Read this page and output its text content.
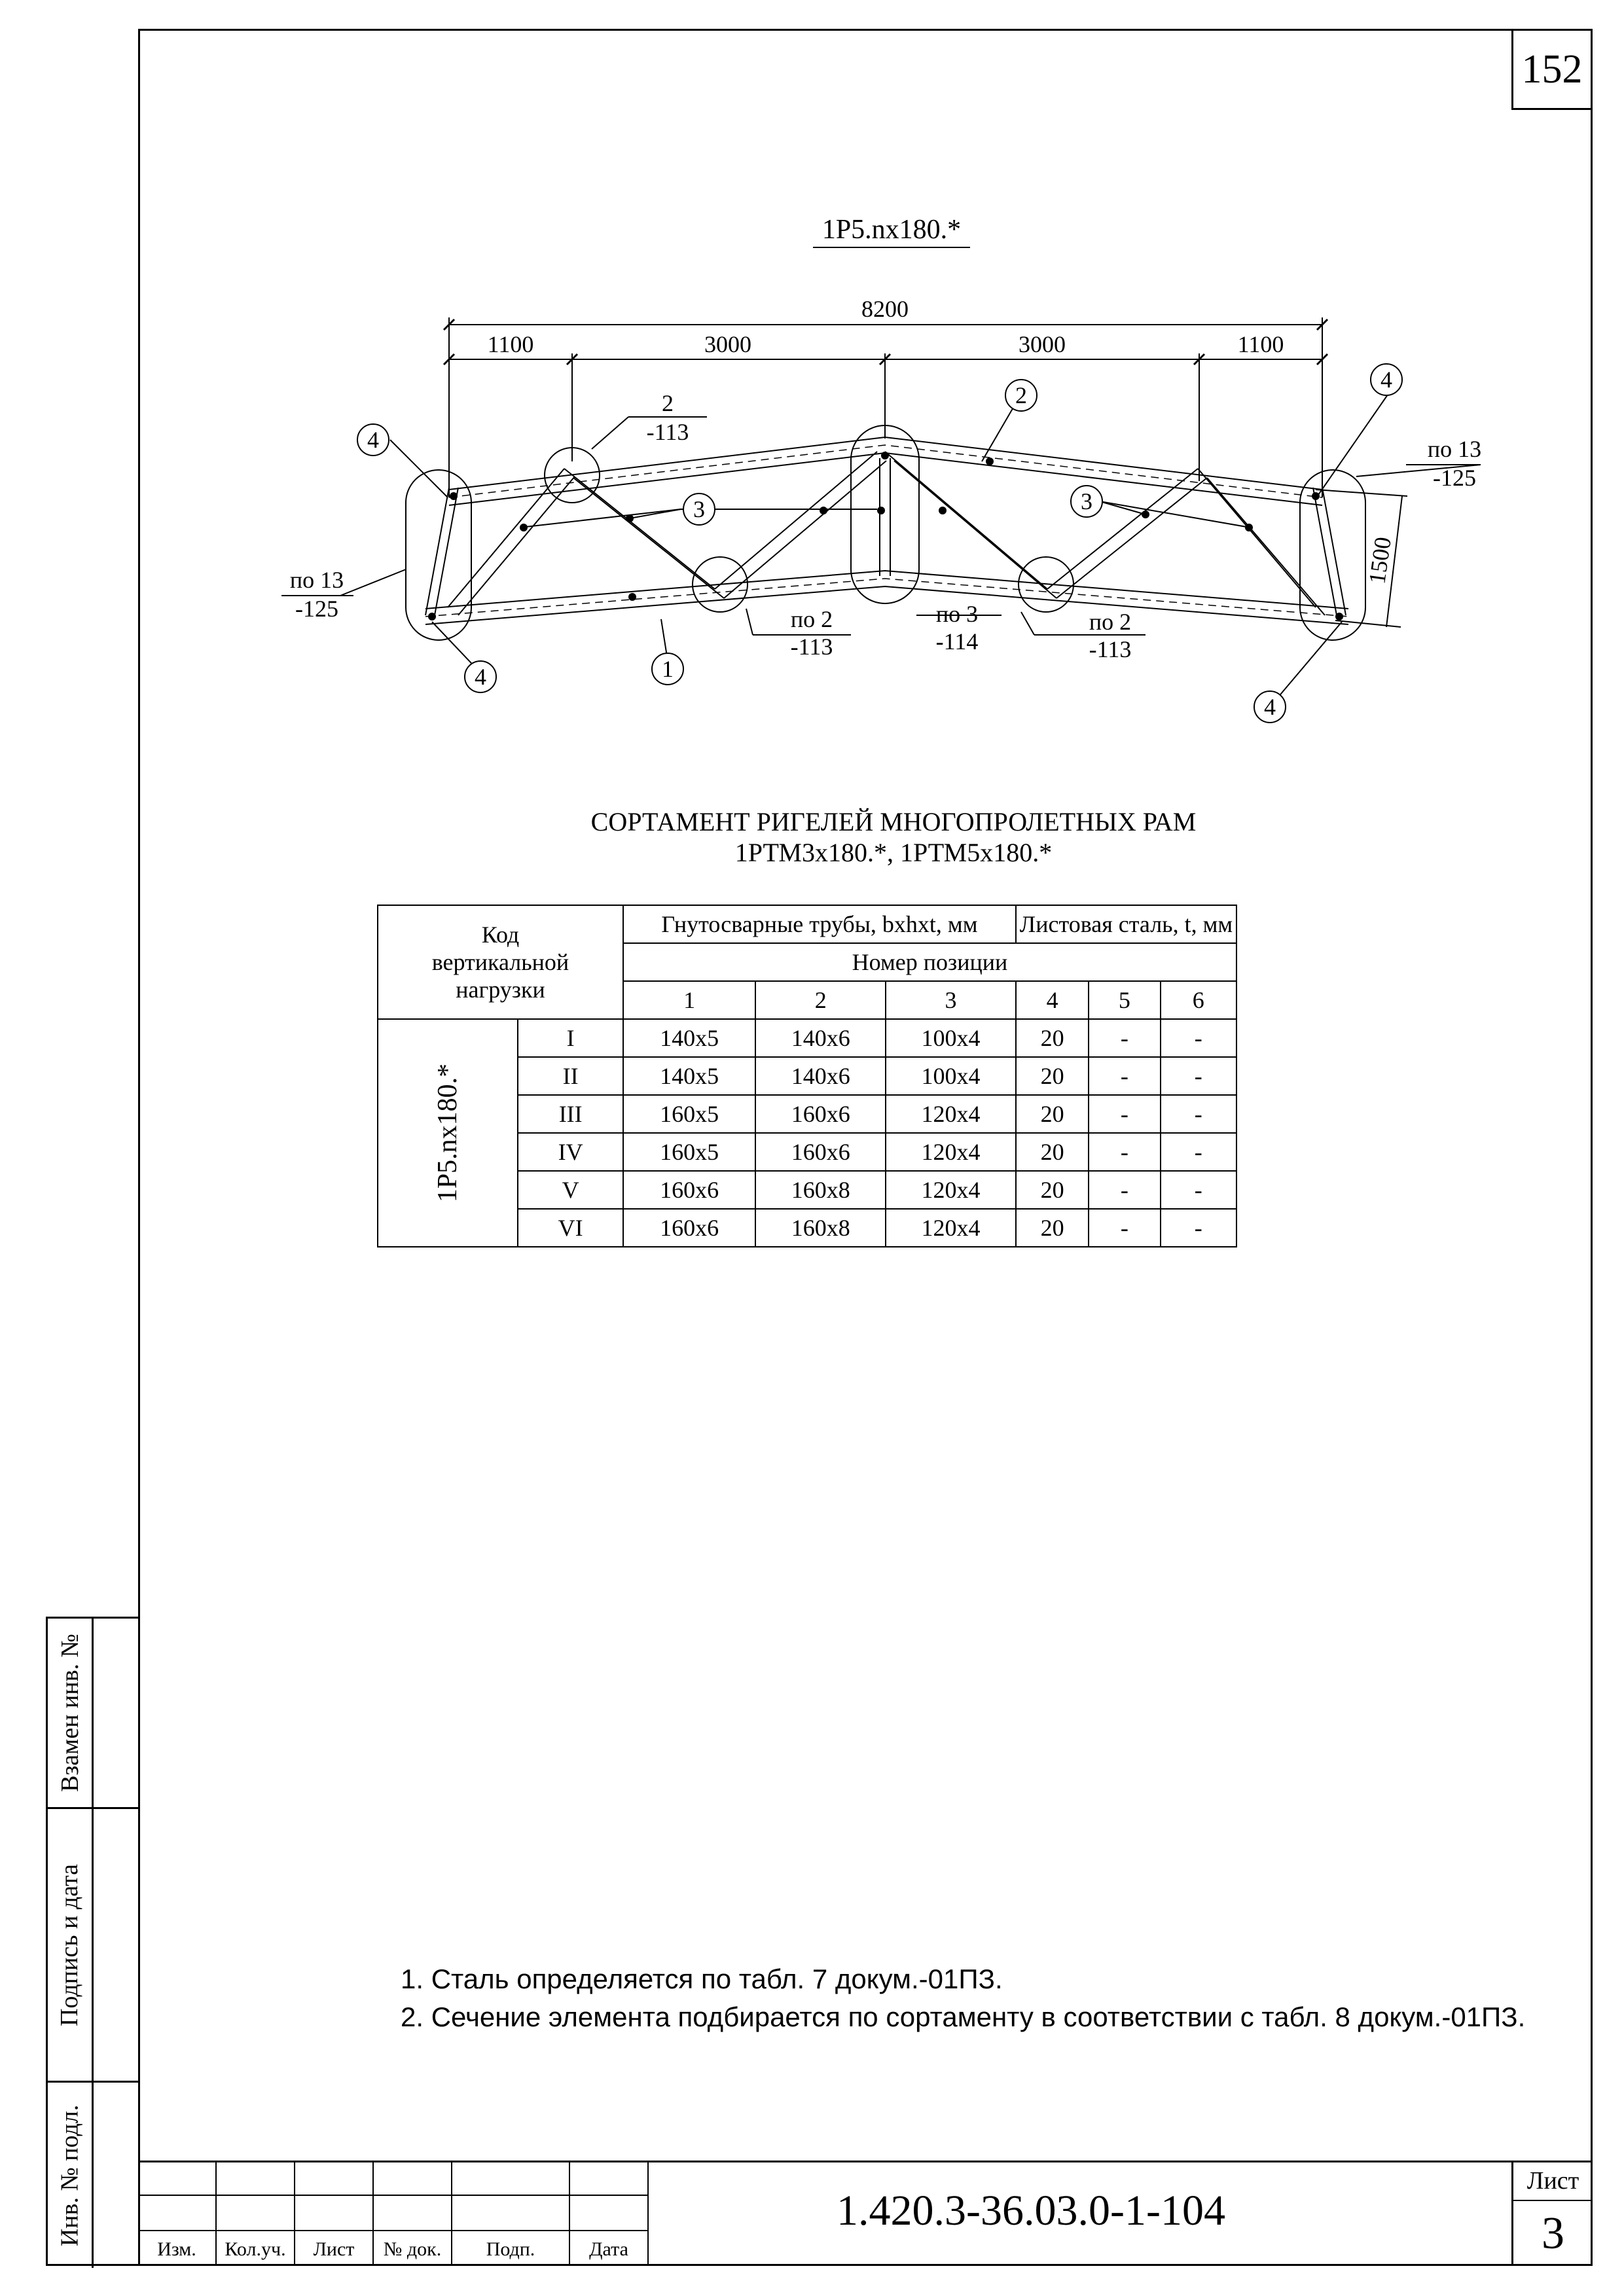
152
1Р5.nх180.*
8200
1100	3000	3000	1100
1500
4
4
4
4
2
3	3
1
2
-113
по 13
-125
по 13
-125	по 2
-113
по 3
-114
по 2
-113
СОРТАМЕНТ РИГЕЛЕЙ МНОГОПРОЛЕТНЫХ РАМ
1РТМ3х180.*, 1РТМ5х180.*
Код вертикальной нагрузки		Гнутосварные трубы, bxhxt, мм			Листовая сталь, t, мм		
		Номер позиции					
		1	2	3	4	5	6

1Р5.nх180.*	I	140x5	140x6	100x4	20	-	-
	II	140x5	140x6	100x4	20	-	-
	III	160x5	160x6	120x4	20	-	-
	IV	160x5	160x6	120x4	20	-	-
	V	160x6	160x8	120x4	20	-	-
	VI	160x6	160x8	120x4	20	-	-
1. Сталь определяется по табл. 7 докум.-01ПЗ.
2. Сечение элемента подбирается по сортаменту в соответствии с табл. 8 докум.-01ПЗ.
Взамен инв. №
Подпись и дата
Инв. № подл.
Изм.	Кол.уч.	Лист	№ док.	Подп.	Дата
1.420.3-36.03.0-1-104
Лист
3
